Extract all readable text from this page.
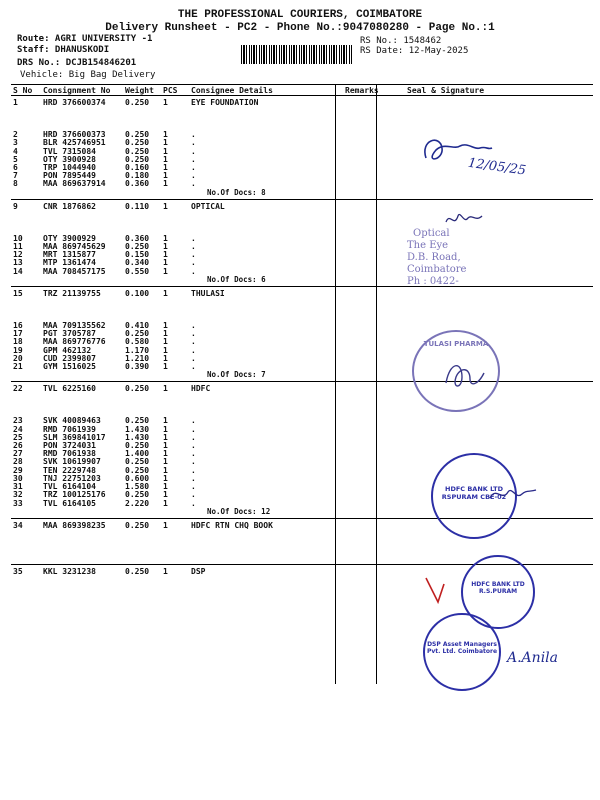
THE PROFESSIONAL COURIERS, COIMBATORE
Delivery Runsheet - PC2 - Phone No.:9047080280 - Page No.:1
Route: AGRI UNIVERSITY -1
Staff: DHANUSKODI
DRS No.: DCJB154846201
Vehicle: Big Bag Delivery
RS No.: 1548462
RS Date: 12-May-2025
S No	Consignment No	Weight	PCS	Consignee Details	Remarks	Seal & Signature
1	HRD 376600374	0.250	1	EYE FOUNDATION		

2	HRD 376600373	0.250	1	.		
3	BLR 425746951	0.250	1	.		
4	TVL 7315084	0.250	1	.		
5	OTY 3900928	0.250	1	.		
6	TRP 1044940	0.160	1	.		
7	PON 7895449	0.180	1	.		
8	MAA 869637914	0.360	1	.		
				No.Of Docs: 8		
9	CNR 1876862	0.110	1	OPTICAL		

10	OTY 3900929	0.360	1	.		
11	MAA 869745629	0.250	1	.		
12	MRT 1315877	0.150	1	.		
13	MTP 1361474	0.340	1	.		
14	MAA 708457175	0.550	1	.		
				No.Of Docs: 6		
15	TRZ 21139755	0.100	1	THULASI		

16	MAA 709135562	0.410	1	.		
17	PGT 3705787	0.250	1	.		
18	MAA 869776776	0.580	1	.		
19	GPM 462132	1.170	1	.		
20	CUD 2399807	1.210	1	.		
21	GYM 1516025	0.390	1	.		
				No.Of Docs: 7		
22	TVL 6225160	0.250	1	HDFC		

23	SVK 40089463	0.250	1	.		
24	RMD 7061939	1.430	1	.		
25	SLM 369841017	1.430	1	.		
26	PON 3724031	0.250	1	.		
27	RMD 7061938	1.400	1	.		
28	SVK 10619907	0.250	1	.		
29	TEN 2229748	0.250	1	.		
30	TNJ 22751203	0.600	1	.		
31	TVL 6164104	1.580	1	.		
32	TRZ 100125176	0.250	1	.		
33	TVL 6164105	2.220	1	.		
				No.Of Docs: 12		
34	MAA 869398235	0.250	1	HDFC RTN CHQ BOOK		

35	KKL 3231238	0.250	1	DSP		

12/05/25
Optical
The Eye
D.B. Road,
Coimbatore
Ph : 0422-
TULASI PHARMA
HDFC BANK LTD RSPURAM CBE-02
HDFC BANK LTD R.S.PURAM
DSP Asset Managers Pvt. Ltd. Coimbatore A.Anila
